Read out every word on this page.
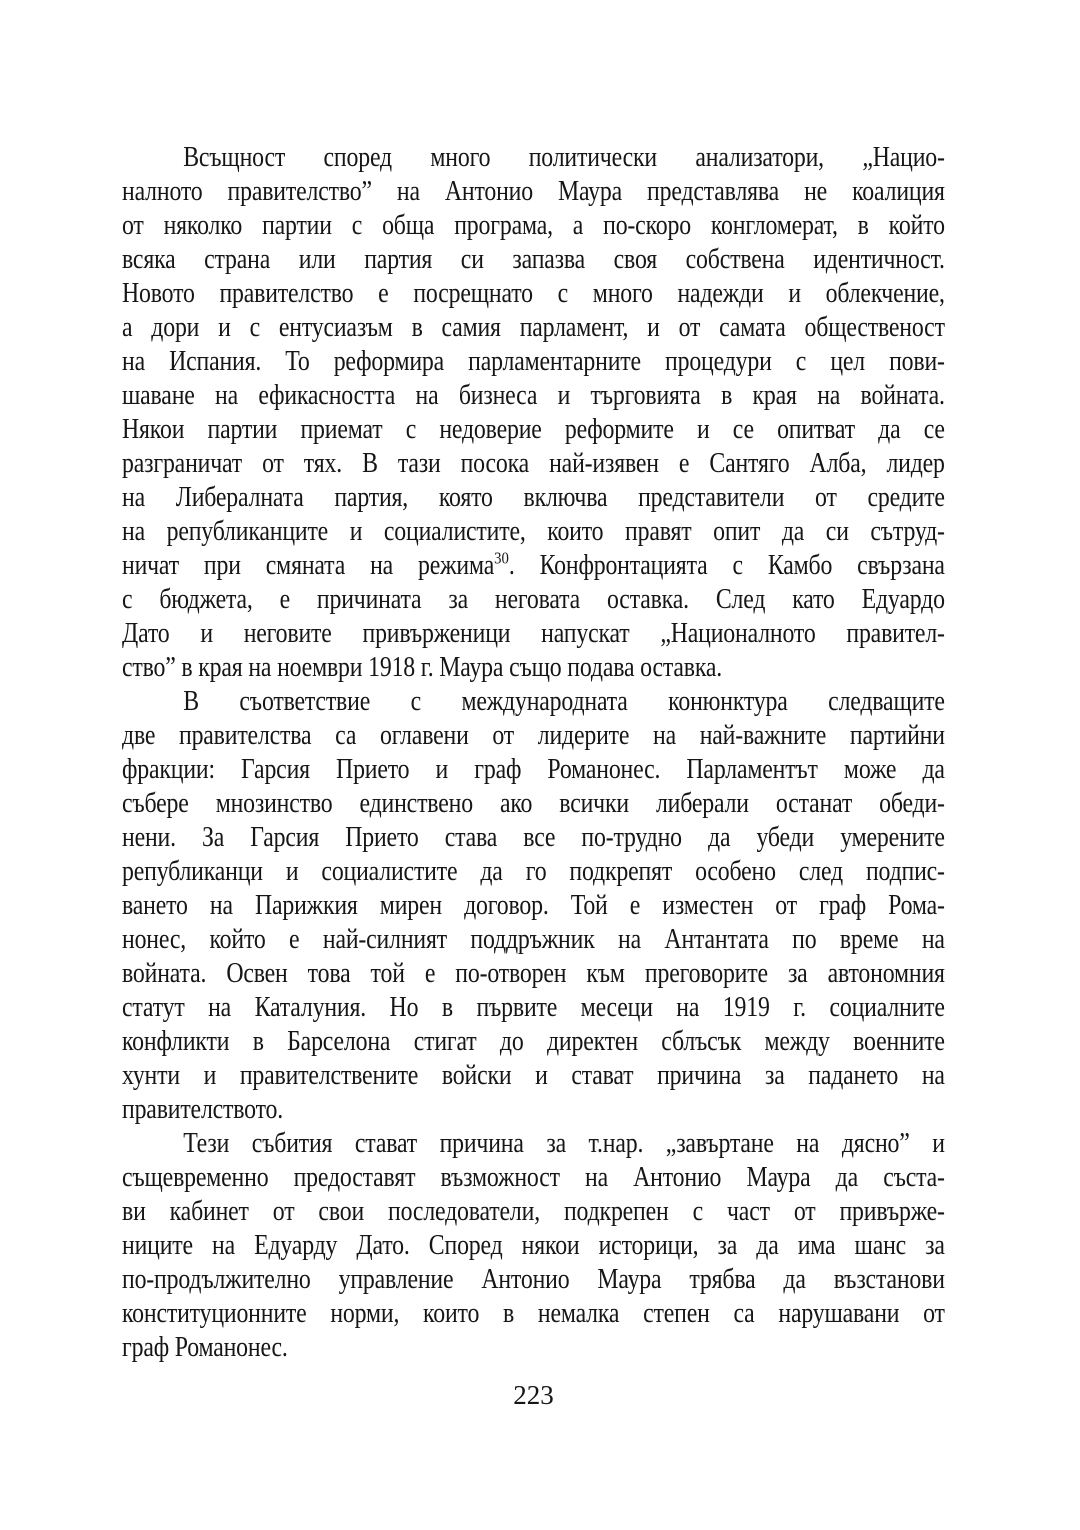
Всъщност според много политически анализатори, „Нацио-
налното правителство” на Антонио Маура представлява не коалиция
от няколко партии с обща програма, а по-скоро конгломерат, в който
всяка страна или партия си запазва своя собствена идентичност.
Новото правителство е посрещнато с много надежди и облекчение,
а дори и с ентусиазъм в самия парламент, и от самата общественост
на Испания. То реформира парламентарните процедури с цел пови-
шаване на ефикасността на бизнеса и търговията в края на войната.
Някои партии приемат с недоверие реформите и се опитват да се
разграничат от тях. В тази посока най-изявен е Сантяго Алба, лидер
на Либералната партия, която включва представители от средите
на републиканците и социалистите, които правят опит да си сътруд-
ничат при смяната на режима$^{30}$. Конфронтацията с Камбо свързана
с бюджета, е причината за неговата оставка. След като Едуардо
Дато и неговите привърженици напускат „Националното правител-
ство” в края на ноември 1918 г. Маура също подава оставка.
В съответствие с международната конюнктура следващите
две правителства са оглавени от лидерите на най-важните партийни
фракции: Гарсия Прието и граф Романонес. Парламентът може да
събере мнозинство единствено ако всички либерали останат обеди-
нени. За Гарсия Прието става все по-трудно да убеди умерените
републиканци и социалистите да го подкрепят особено след подпис-
ването на Парижкия мирен договор. Той е изместен от граф Рома-
нонес, който е най-силният поддръжник на Антантата по време на
войната. Освен това той е по-отворен към преговорите за автономния
статут на Каталуния. Но в първите месеци на 1919 г. социалните
конфликти в Барселона стигат до директен сблъсък между военните
хунти и правителствените войски и стават причина за падането на
правителството.
Тези събития стават причина за т.нар. „завъртане на дясно” и
същевременно предоставят възможност на Антонио Маура да съста-
ви кабинет от свои последователи, подкрепен с част от привърже-
ниците на Едуарду Дато. Според някои историци, за да има шанс за
по-продължително управление Антонио Маура трябва да възстанови
конституционните норми, които в немалка степен са нарушавани от
граф Романонес.
223
